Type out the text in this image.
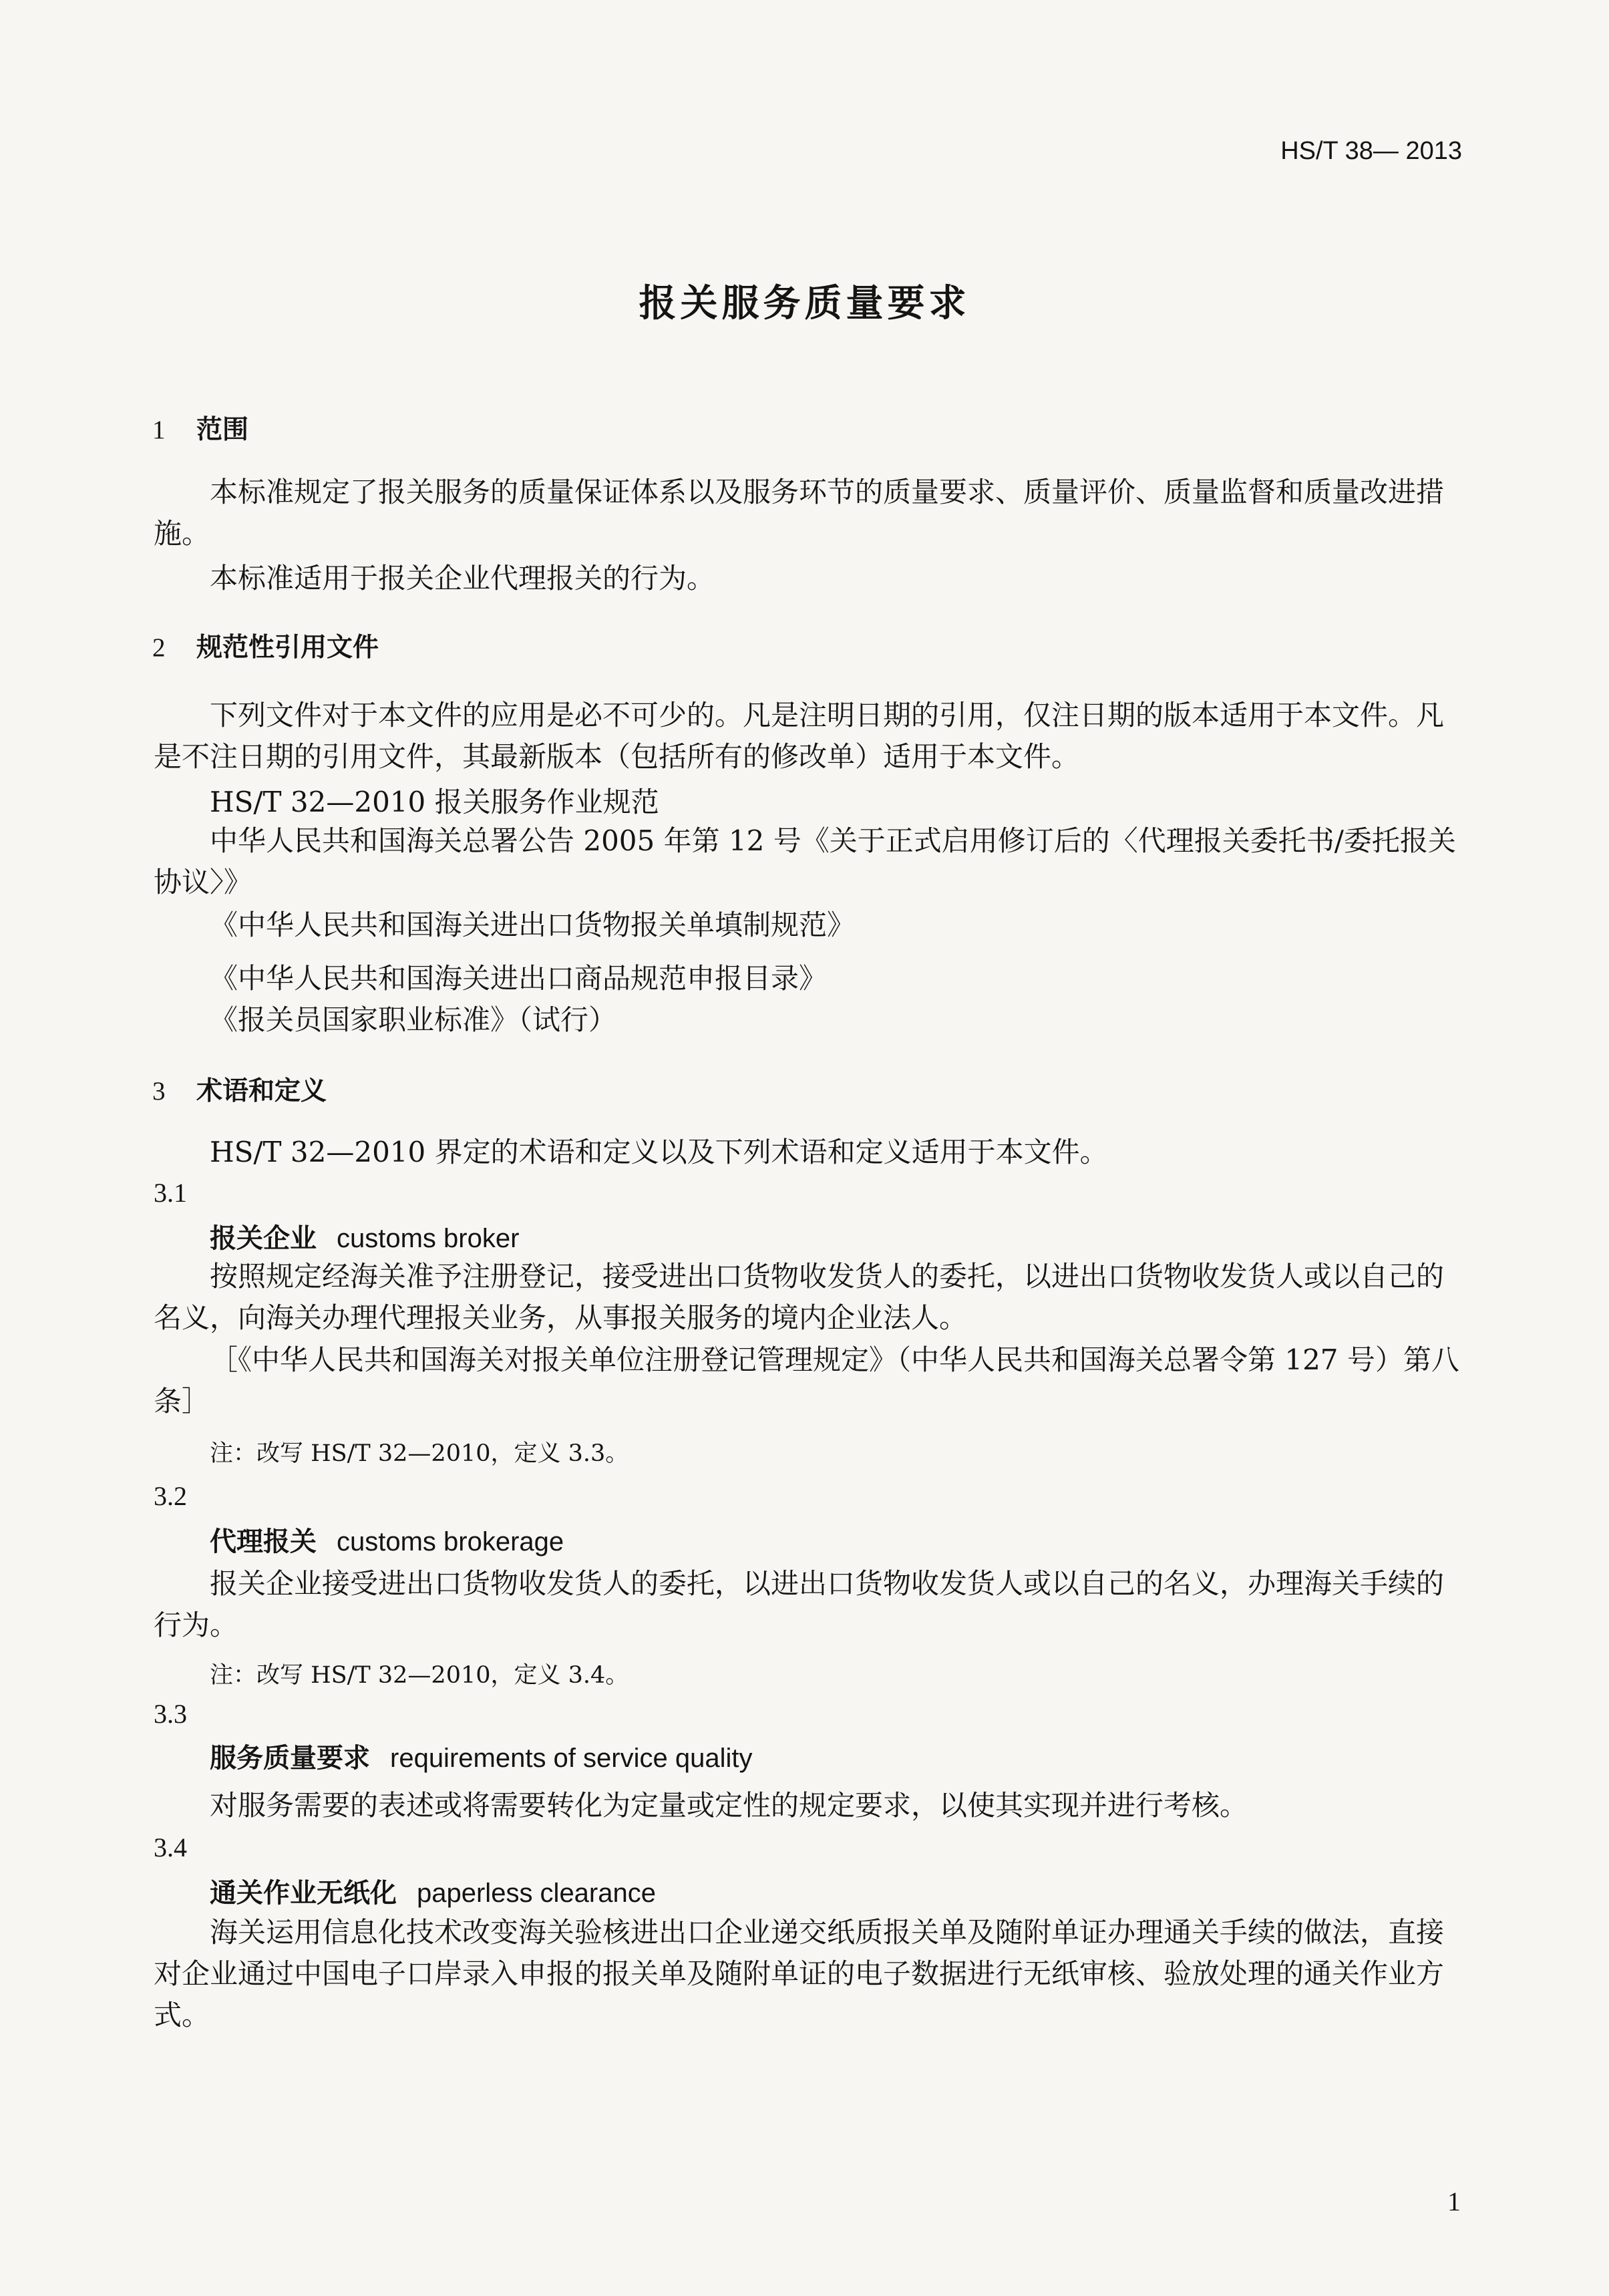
HS/T 38— 2013
报关服务质量要求
1 范围
本标准规定了报关服务的质量保证体系以及服务环节的质量要求、质量评价、质量监督和质量改进措施。
本标准适用于报关企业代理报关的行为。
2 规范性引用文件
下列文件对于本文件的应用是必不可少的。凡是注明日期的引用，仅注日期的版本适用于本文件。凡是不注日期的引用文件，其最新版本（包括所有的修改单）适用于本文件。
HS/T 32—2010 报关服务作业规范
中华人民共和国海关总署公告 2005 年第 12 号《关于正式启用修订后的〈代理报关委托书/委托报关协议〉》
《中华人民共和国海关进出口货物报关单填制规范》
《中华人民共和国海关进出口商品规范申报目录》
《报关员国家职业标准》（试行）
3 术语和定义
HS/T 32—2010 界定的术语和定义以及下列术语和定义适用于本文件。
3.1
报关企业 customs broker
按照规定经海关准予注册登记，接受进出口货物收发货人的委托，以进出口货物收发货人或以自己的名义，向海关办理代理报关业务，从事报关服务的境内企业法人。
［《中华人民共和国海关对报关单位注册登记管理规定》（中华人民共和国海关总署令第 127 号）第八条］
注：改写 HS/T 32—2010，定义 3.3。
3.2
代理报关 customs brokerage
报关企业接受进出口货物收发货人的委托，以进出口货物收发货人或以自己的名义，办理海关手续的行为。
注：改写 HS/T 32—2010，定义 3.4。
3.3
服务质量要求 requirements of service quality
对服务需要的表述或将需要转化为定量或定性的规定要求，以使其实现并进行考核。
3.4
通关作业无纸化 paperless clearance
海关运用信息化技术改变海关验核进出口企业递交纸质报关单及随附单证办理通关手续的做法，直接对企业通过中国电子口岸录入申报的报关单及随附单证的电子数据进行无纸审核、验放处理的通关作业方式。
1
